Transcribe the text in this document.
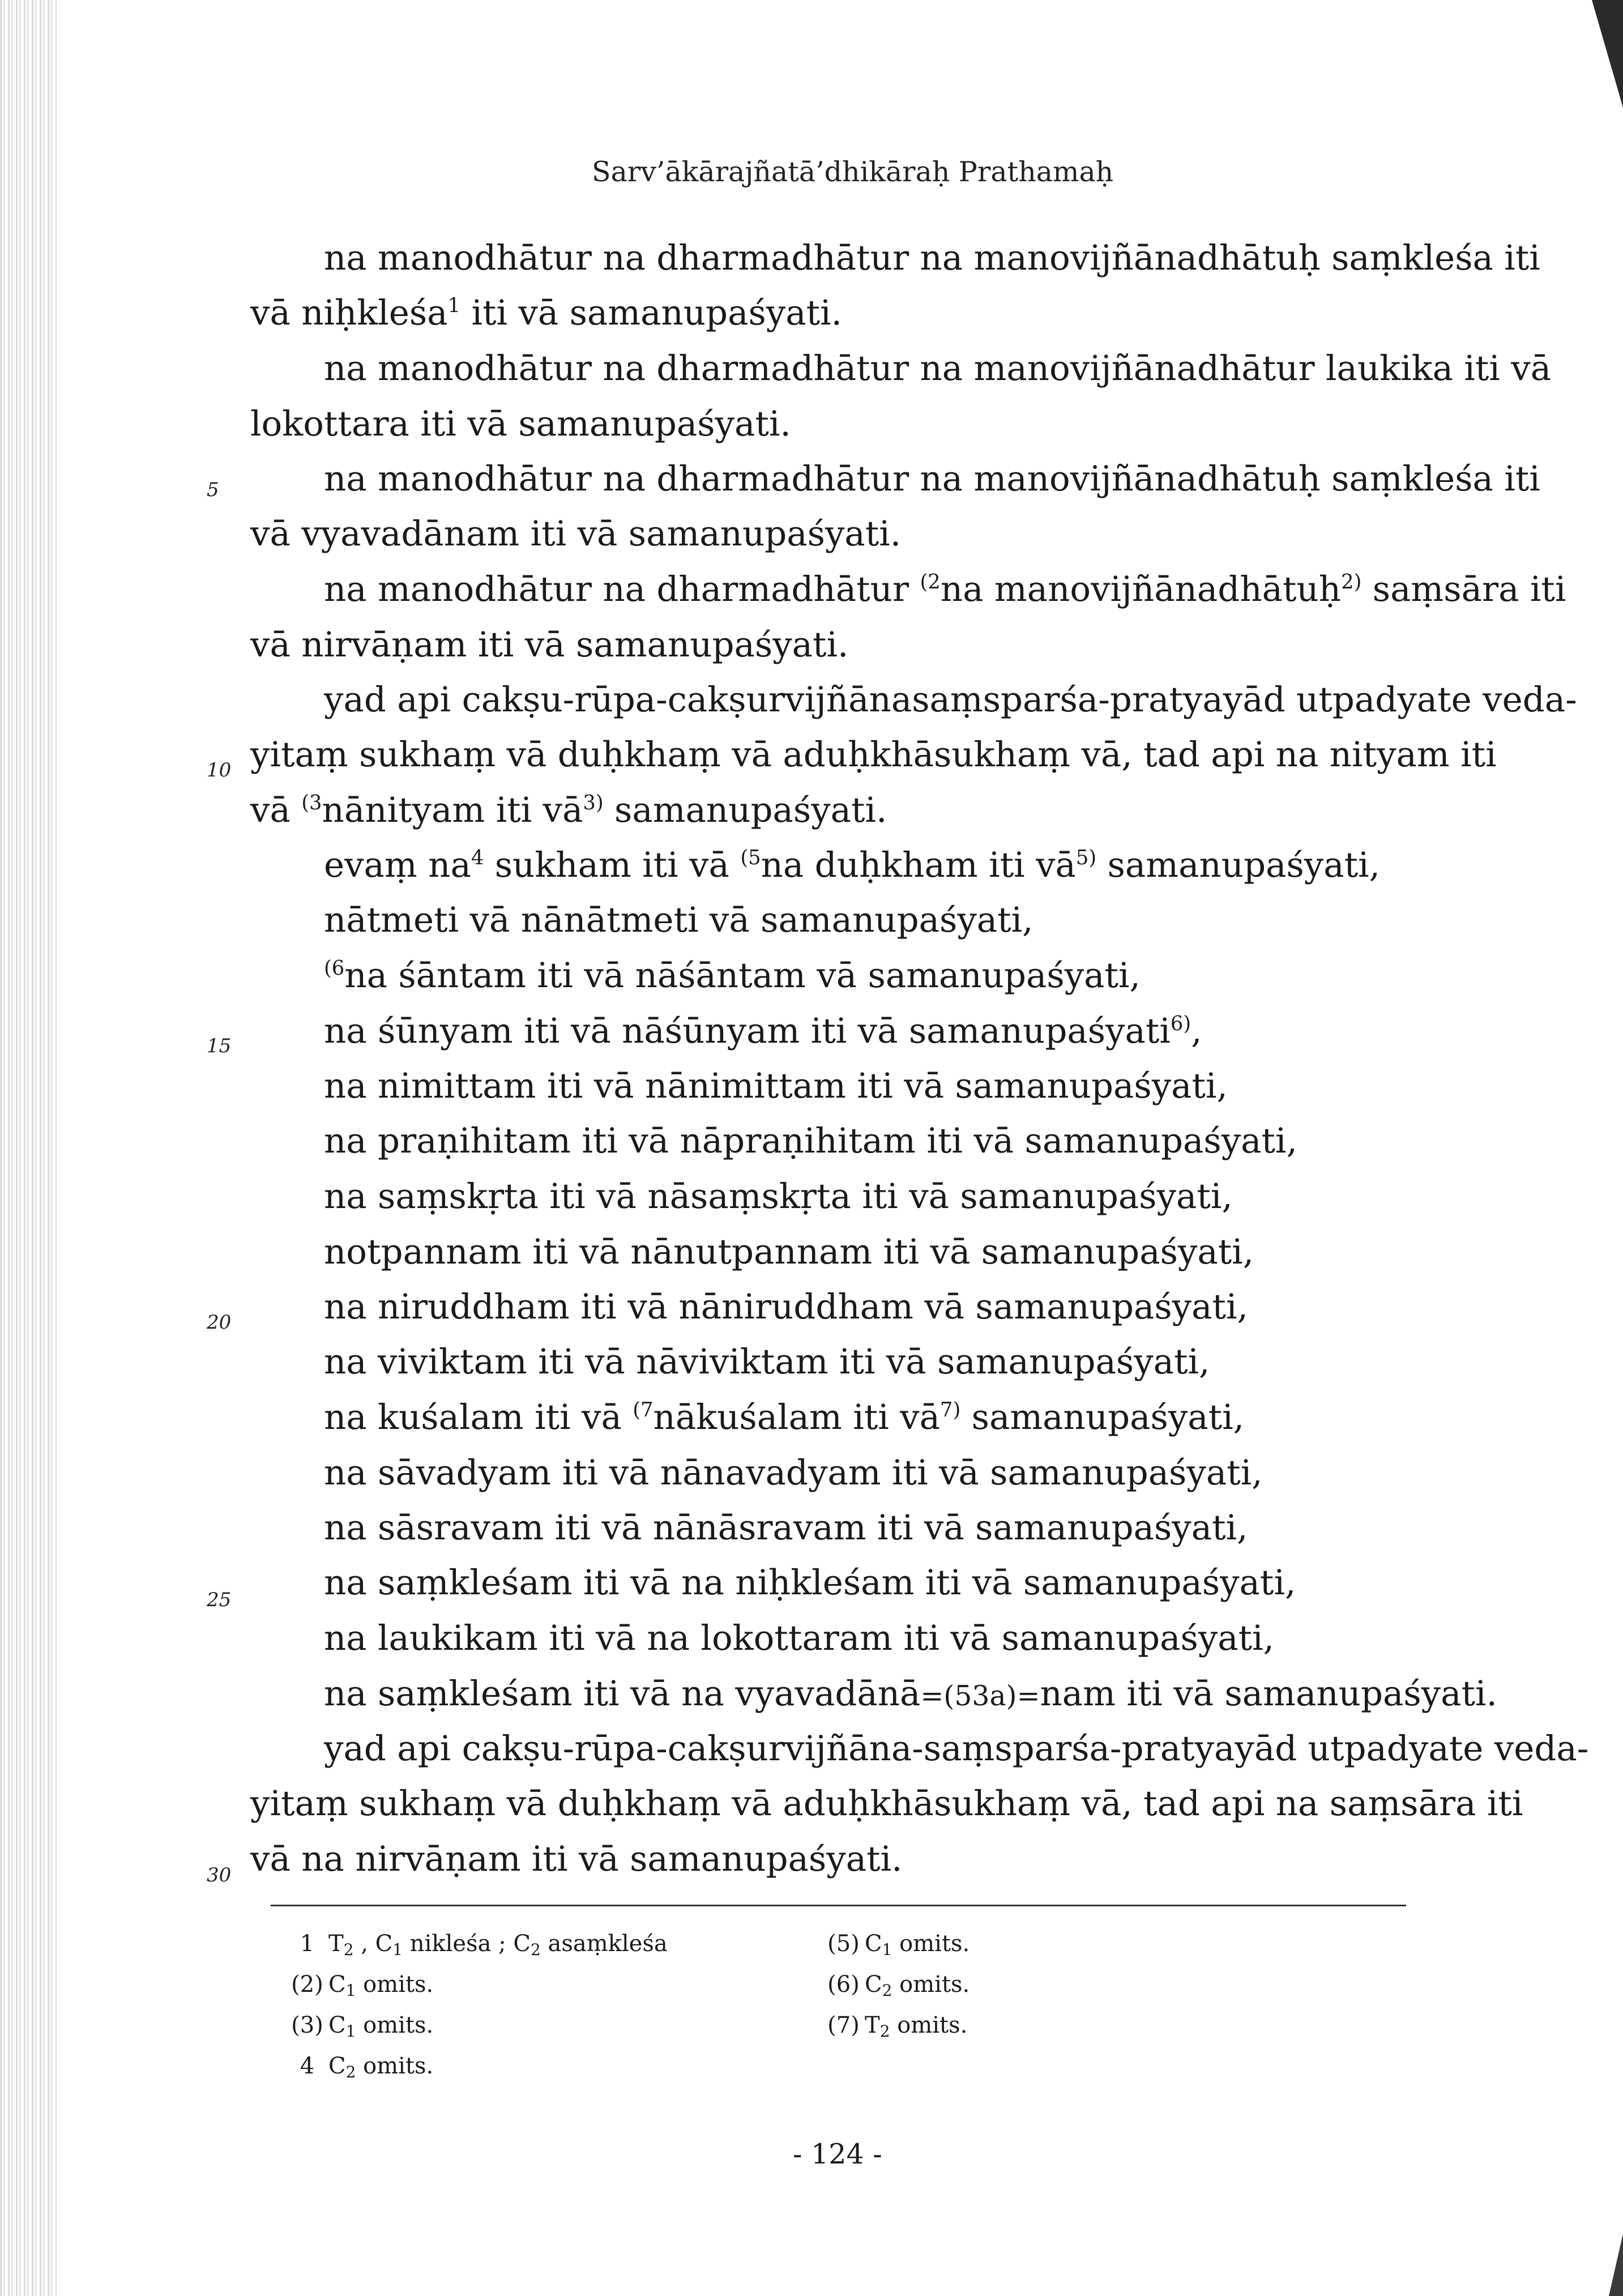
Sarv’ākārajñatā’dhikāraḥ Prathamaḥ
5
10
15
20
25
30
na manodhātur na dharmadhātur na manovijñānadhātuḥ saṃkleśa iti
vā niḥkleśa$^1$ iti vā samanupaśyati.
na manodhātur na dharmadhātur na manovijñānadhātur laukika iti vā
lokottara iti vā samanupaśyati.
na manodhātur na dharmadhātur na manovijñānadhātuḥ saṃkleśa iti
vā vyavadānam iti vā samanupaśyati.
na manodhātur na dharmadhātur $^{(2}$na manovijñānadhātuḥ$^{2)}$ saṃsāra iti
vā nirvāṇam iti vā samanupaśyati.
yad api cakṣu-rūpa-cakṣurvijñānasaṃsparśa-pratyayād utpadyate veda-
yitaṃ sukhaṃ vā duḥkhaṃ vā aduḥkhāsukhaṃ vā, tad api na nityam iti
vā $^{(3}$nānityam iti $vā^{3)}$ samanupaśyati.
evaṃ $na^4$ sukham iti vā $^{(5}$na duḥkham iti $vā^{5)}$ samanupaśyati,
nātmeti vā nānātmeti vā samanupaśyati,
$^{(6}$na śāntam iti vā nāśāntam vā samanupaśyati,
na śūnyam iti vā nāśūnyam iti vā samanupaśyati$^{6)}$,
na nimittam iti vā nānimittam iti vā samanupaśyati,
na praṇihitam iti vā nāpraṇihitam iti vā samanupaśyati,
na saṃskṛta iti vā nāsaṃskṛta iti vā samanupaśyati,
notpannam iti vā nānutpannam iti vā samanupaśyati,
na niruddham iti vā nāniruddham vā samanupaśyati,
na viviktam iti vā nāviviktam iti vā samanupaśyati,
na kuśalam iti vā $^{(7}$nākuśalam iti $vā^{7)}$ samanupaśyati,
na sāvadyam iti vā nānavadyam iti vā samanupaśyati,
na sāsravam iti vā nānāsravam iti vā samanupaśyati,
na saṃkleśam iti vā na niḥkleśam iti vā samanupaśyati,
na laukikam iti vā na lokottaram iti vā samanupaśyati,
na saṃkleśam iti vā na vyavadānā=(53a)=nam iti vā samanupaśyati.
yad api cakṣu-rūpa-cakṣurvijñāna-saṃsparśa-pratyayād utpadyate veda-
yitaṃ sukhaṃ vā duḥkhaṃ vā aduḥkhāsukhaṃ vā, tad api na saṃsāra iti
vā na nirvāṇam iti vā samanupaśyati.
1 $T_2$ , $C_1$ nikleśa ; $C_2$ asaṃkleśa
(2) $C_1$ omits.
(3) $C_1$ omits.
4 $C_2$ omits.
(5) $C_1$ omits.
(6) $C_2$ omits.
(7) $T_2$ omits.
- 124 -
